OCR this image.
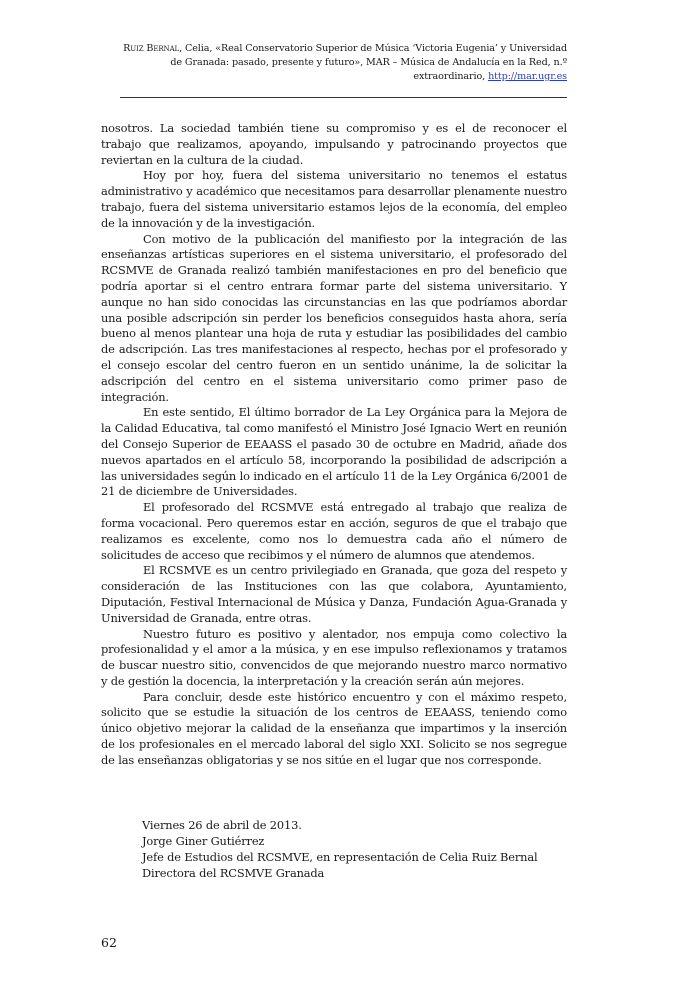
Ruiz Bernal, Celia, «Real Conservatorio Superior de Música ‘Victoria Eugenia’ y Universidad
de Granada: pasado, presente y futuro», MAR – Música de Andalucía en la Red, n.º
extraordinario, http://mar.ugr.es

nosotros. La sociedad también tiene su compromiso y es el de reconocer el trabajo que realizamos, apoyando, impulsando y patrocinando proyectos que reviertan en la cultura de la ciudad.

Hoy por hoy, fuera del sistema universitario no tenemos el estatus administrativo y académico que necesitamos para desarrollar plenamente nuestro trabajo, fuera del sistema universitario estamos lejos de la economía, del empleo de la innovación y de la investigación.

Con motivo de la publicación del manifiesto por la integración de las enseñanzas artísticas superiores en el sistema universitario, el profesorado del RCSMVE de Granada realizó también manifestaciones en pro del beneficio que podría aportar si el centro entrara formar parte del sistema universitario. Y aunque no han sido conocidas las circunstancias en las que podríamos abordar una posible adscripción sin perder los beneficios conseguidos hasta ahora, sería bueno al menos plantear una hoja de ruta y estudiar las posibilidades del cambio de adscripción. Las tres manifestaciones al respecto, hechas por el profesorado y el consejo escolar del centro fueron en un sentido unánime, la de solicitar la adscripción del centro en el sistema universitario como primer paso de integración.

En este sentido, El último borrador de La Ley Orgánica para la Mejora de la Calidad Educativa, tal como manifestó el Ministro José Ignacio Wert en reunión del Consejo Superior de EEAASS el pasado 30 de octubre en Madrid, añade dos nuevos apartados en el artículo 58, incorporando la posibilidad de adscripción a las universidades según lo indicado en el artículo 11 de la Ley Orgánica 6/2001 de 21 de diciembre de Universidades.

El profesorado del RCSMVE está entregado al trabajo que realiza de forma vocacional. Pero queremos estar en acción, seguros de que el trabajo que realizamos es excelente, como nos lo demuestra cada año el número de solicitudes de acceso que recibimos y el número de alumnos que atendemos.

El RCSMVE es un centro privilegiado en Granada, que goza del respeto y consideración de las Instituciones con las que colabora, Ayuntamiento, Diputación, Festival Internacional de Música y Danza, Fundación Agua-Granada y Universidad de Granada, entre otras.

Nuestro futuro es positivo y alentador, nos empuja como colectivo la profesionalidad y el amor a la música, y en ese impulso reflexionamos y tratamos de buscar nuestro sitio, convencidos de que mejorando nuestro marco normativo y de gestión la docencia, la interpretación y la creación serán aún mejores.

Para concluir, desde este histórico encuentro y con el máximo respeto, solicito que se estudie la situación de los centros de EEAASS, teniendo como único objetivo mejorar la calidad de la enseñanza que impartimos y la inserción de los profesionales en el mercado laboral del siglo XXI. Solicito se nos segregue de las enseñanzas obligatorias y se nos sitúe en el lugar que nos corresponde.

Viernes 26 de abril de 2013.
Jorge Giner Gutiérrez
Jefe de Estudios del RCSMVE, en representación de Celia Ruiz Bernal
Directora del RCSMVE Granada
62
